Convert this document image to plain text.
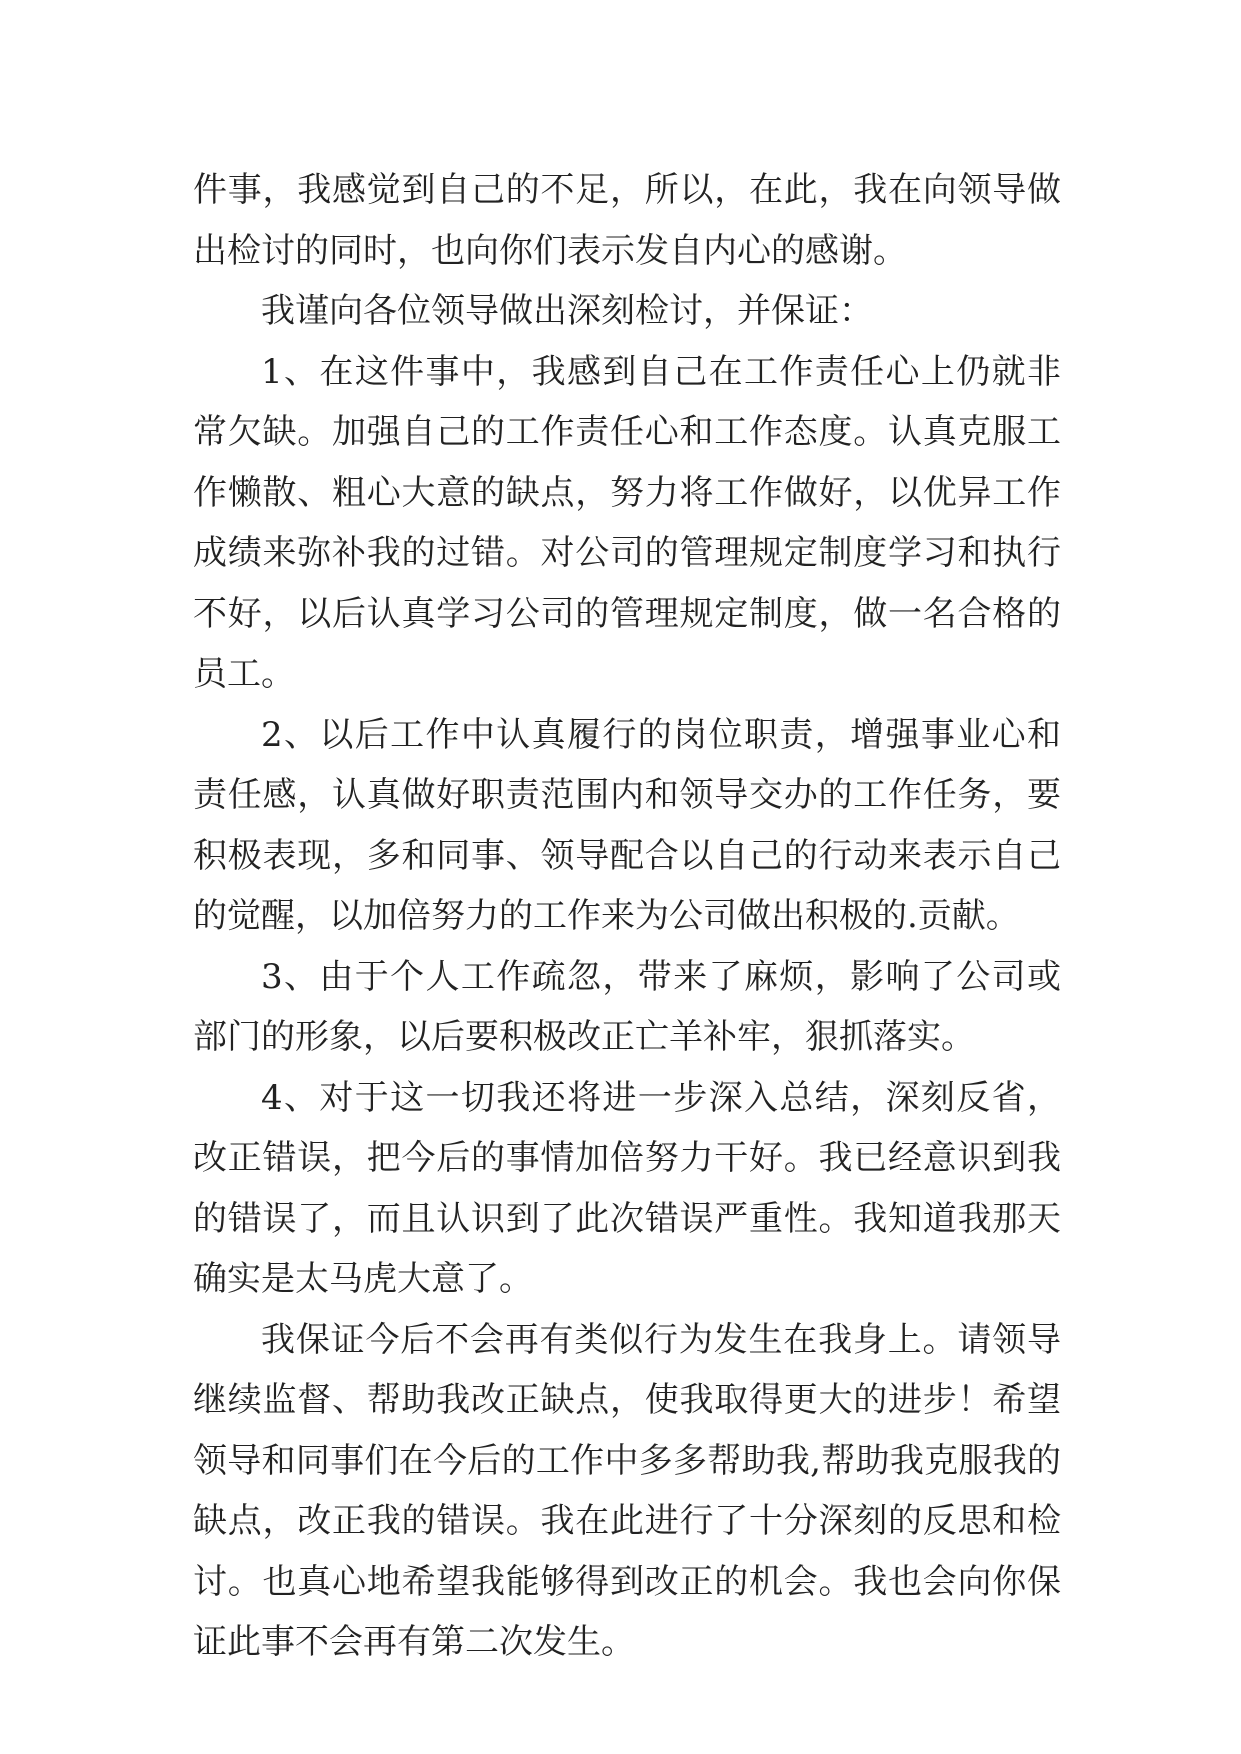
件事，我感觉到自己的不足，所以，在此，我在向领导做出检讨的同时，也向你们表示发自内心的感谢。

我谨向各位领导做出深刻检讨，并保证：

1、在这件事中，我感到自己在工作责任心上仍就非常欠缺。加强自己的工作责任心和工作态度。认真克服工作懒散、粗心大意的缺点，努力将工作做好，以优异工作成绩来弥补我的过错。对公司的管理规定制度学习和执行不好，以后认真学习公司的管理规定制度，做一名合格的员工。

2、以后工作中认真履行的岗位职责，增强事业心和责任感，认真做好职责范围内和领导交办的工作任务，要积极表现，多和同事、领导配合以自己的行动来表示自己的觉醒，以加倍努力的工作来为公司做出积极的.贡献。

3、由于个人工作疏忽，带来了麻烦，影响了公司或部门的形象，以后要积极改正亡羊补牢，狠抓落实。

4、对于这一切我还将进一步深入总结，深刻反省，改正错误，把今后的事情加倍努力干好。我已经意识到我的错误了，而且认识到了此次错误严重性。我知道我那天确实是太马虎大意了。

我保证今后不会再有类似行为发生在我身上。请领导继续监督、帮助我改正缺点，使我取得更大的进步！希望领导和同事们在今后的工作中多多帮助我,帮助我克服我的缺点，改正我的错误。我在此进行了十分深刻的反思和检讨。也真心地希望我能够得到改正的机会。我也会向你保证此事不会再有第二次发生。
